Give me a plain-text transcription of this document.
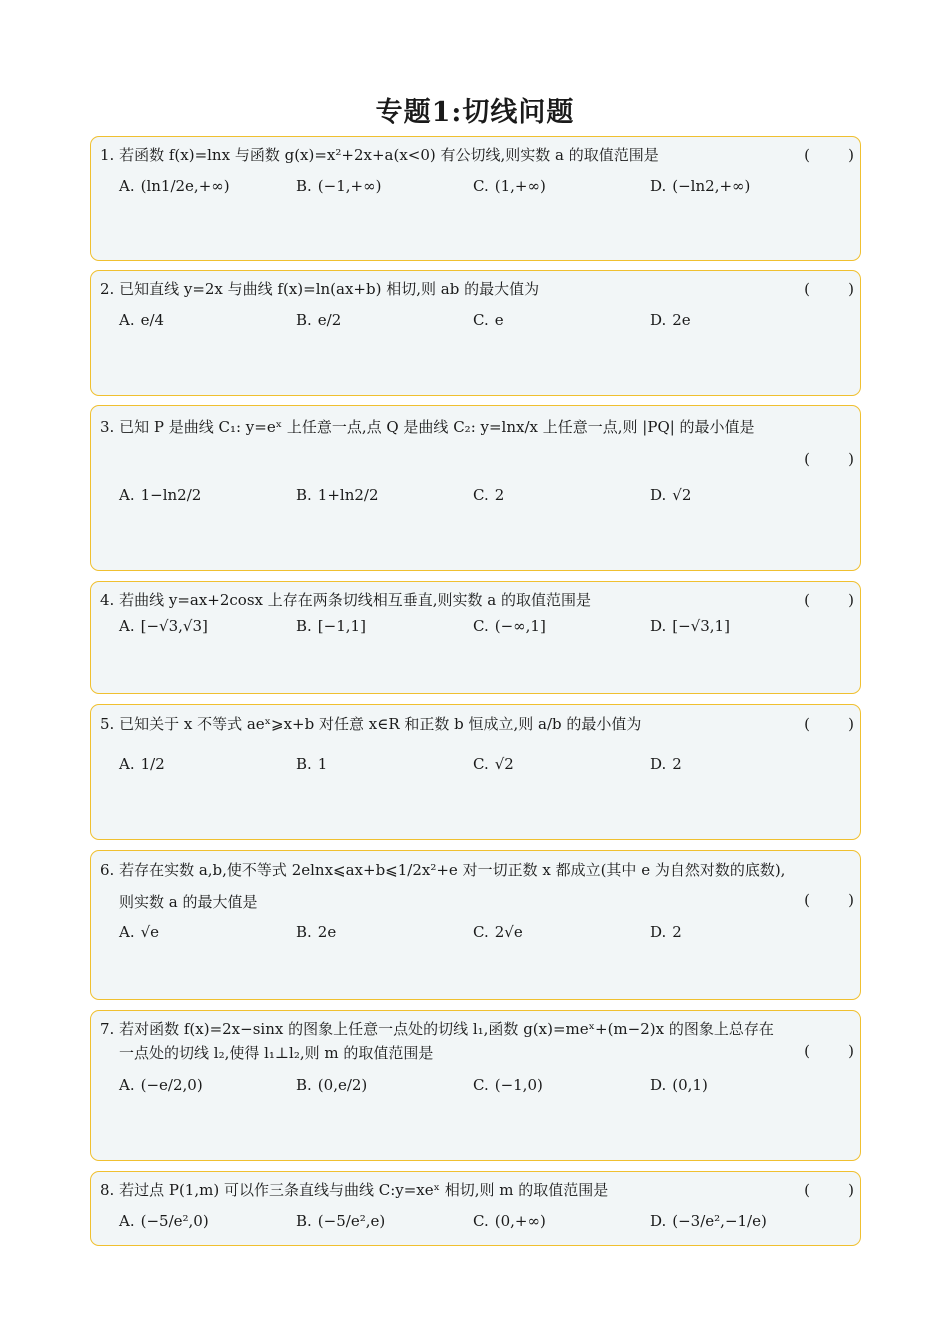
专题1:切线问题
1. 若函数 f(x)=lnx 与函数 g(x)=x²+2x+a(x<0) 有公切线,则实数 a 的取值范围是	(        )
A. (ln1/2e,+∞)	B. (−1,+∞)	C. (1,+∞)	D. (−ln2,+∞)
2. 已知直线 y=2x 与曲线 f(x)=ln(ax+b) 相切,则 ab 的最大值为	(        )
A. e/4	B. e/2	C. e	D. 2e
3. 已知 P 是曲线 C₁: y=eˣ 上任意一点,点 Q 是曲线 C₂: y=lnx/x 上任意一点,则 |PQ| 的最小值是
(        )
A. 1−ln2/2	B. 1+ln2/2	C. 2	D. √2
4. 若曲线 y=ax+2cosx 上存在两条切线相互垂直,则实数 a 的取值范围是	(        )
A. [−√3,√3]	B. [−1,1]	C. (−∞,1]	D. [−√3,1]
5. 已知关于 x 不等式 aeˣ⩾x+b 对任意 x∈R 和正数 b 恒成立,则 a/b 的最小值为	(        )
A. 1/2	B. 1	C. √2	D. 2
6. 若存在实数 a,b,使不等式 2elnx⩽ax+b⩽1/2x²+e 对一切正数 x 都成立(其中 e 为自然对数的底数),
则实数 a 的最大值是	(        )
A. √e	B. 2e	C. 2√e	D. 2
7. 若对函数 f(x)=2x−sinx 的图象上任意一点处的切线 l₁,函数 g(x)=meˣ+(m−2)x 的图象上总存在
一点处的切线 l₂,使得 l₁⊥l₂,则 m 的取值范围是	(        )
A. (−e/2,0)	B. (0,e/2)	C. (−1,0)	D. (0,1)
8. 若过点 P(1,m) 可以作三条直线与曲线 C:y=xeˣ 相切,则 m 的取值范围是	(        )
A. (−5/e²,0)	B. (−5/e²,e)	C. (0,+∞)	D. (−3/e²,−1/e)
